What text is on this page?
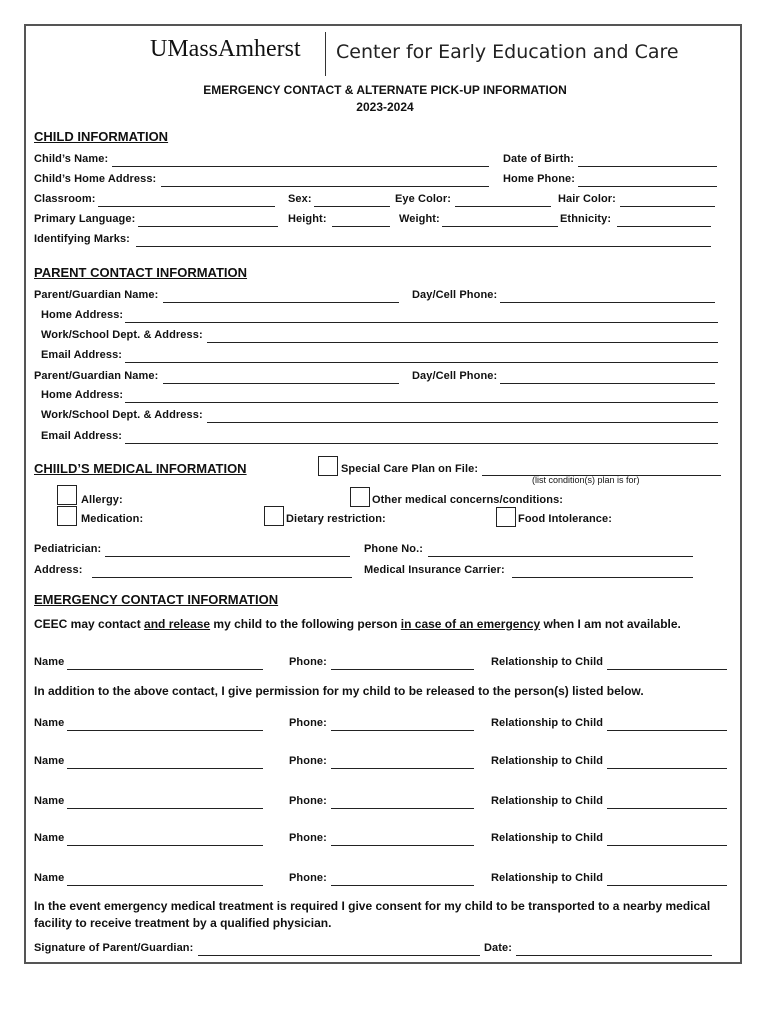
UMassAmherst Center for Early Education and Care
EMERGENCY CONTACT & ALTERNATE PICK-UP INFORMATION
2023-2024
CHILD INFORMATION
Child’s Name:	Date of Birth:
Child’s Home Address:	Home Phone:
Classroom:	Sex:	Eye Color:	Hair Color:
Primary Language:	Height:	Weight:	Ethnicity:
Identifying Marks:
PARENT CONTACT INFORMATION
Parent/Guardian Name:	Day/Cell Phone:
Home Address:
Work/School Dept. & Address:
Email Address:
Parent/Guardian Name:	Day/Cell Phone:
Home Address:
Work/School Dept. & Address:
Email Address:
CHIILD’S MEDICAL INFORMATION	Special Care Plan on File:
(list condition(s) plan is for)
Allergy:	Other medical concerns/conditions:
Medication:	Dietary restriction:	Food Intolerance:
Pediatrician:	Phone No.:
Address:	Medical Insurance Carrier:
EMERGENCY CONTACT INFORMATION
CEEC may contact and release my child to the following person in case of an emergency when I am not available.
Name	Phone:	Relationship to Child
In addition to the above contact, I give permission for my child to be released to the person(s) listed below.
Name	Phone:	Relationship to Child
Name	Phone:	Relationship to Child
Name	Phone:	Relationship to Child
Name	Phone:	Relationship to Child
Name	Phone:	Relationship to Child
In the event emergency medical treatment is required I give consent for my child to be transported to a nearby medical facility to receive treatment by a qualified physician.
Signature of Parent/Guardian:	Date:
